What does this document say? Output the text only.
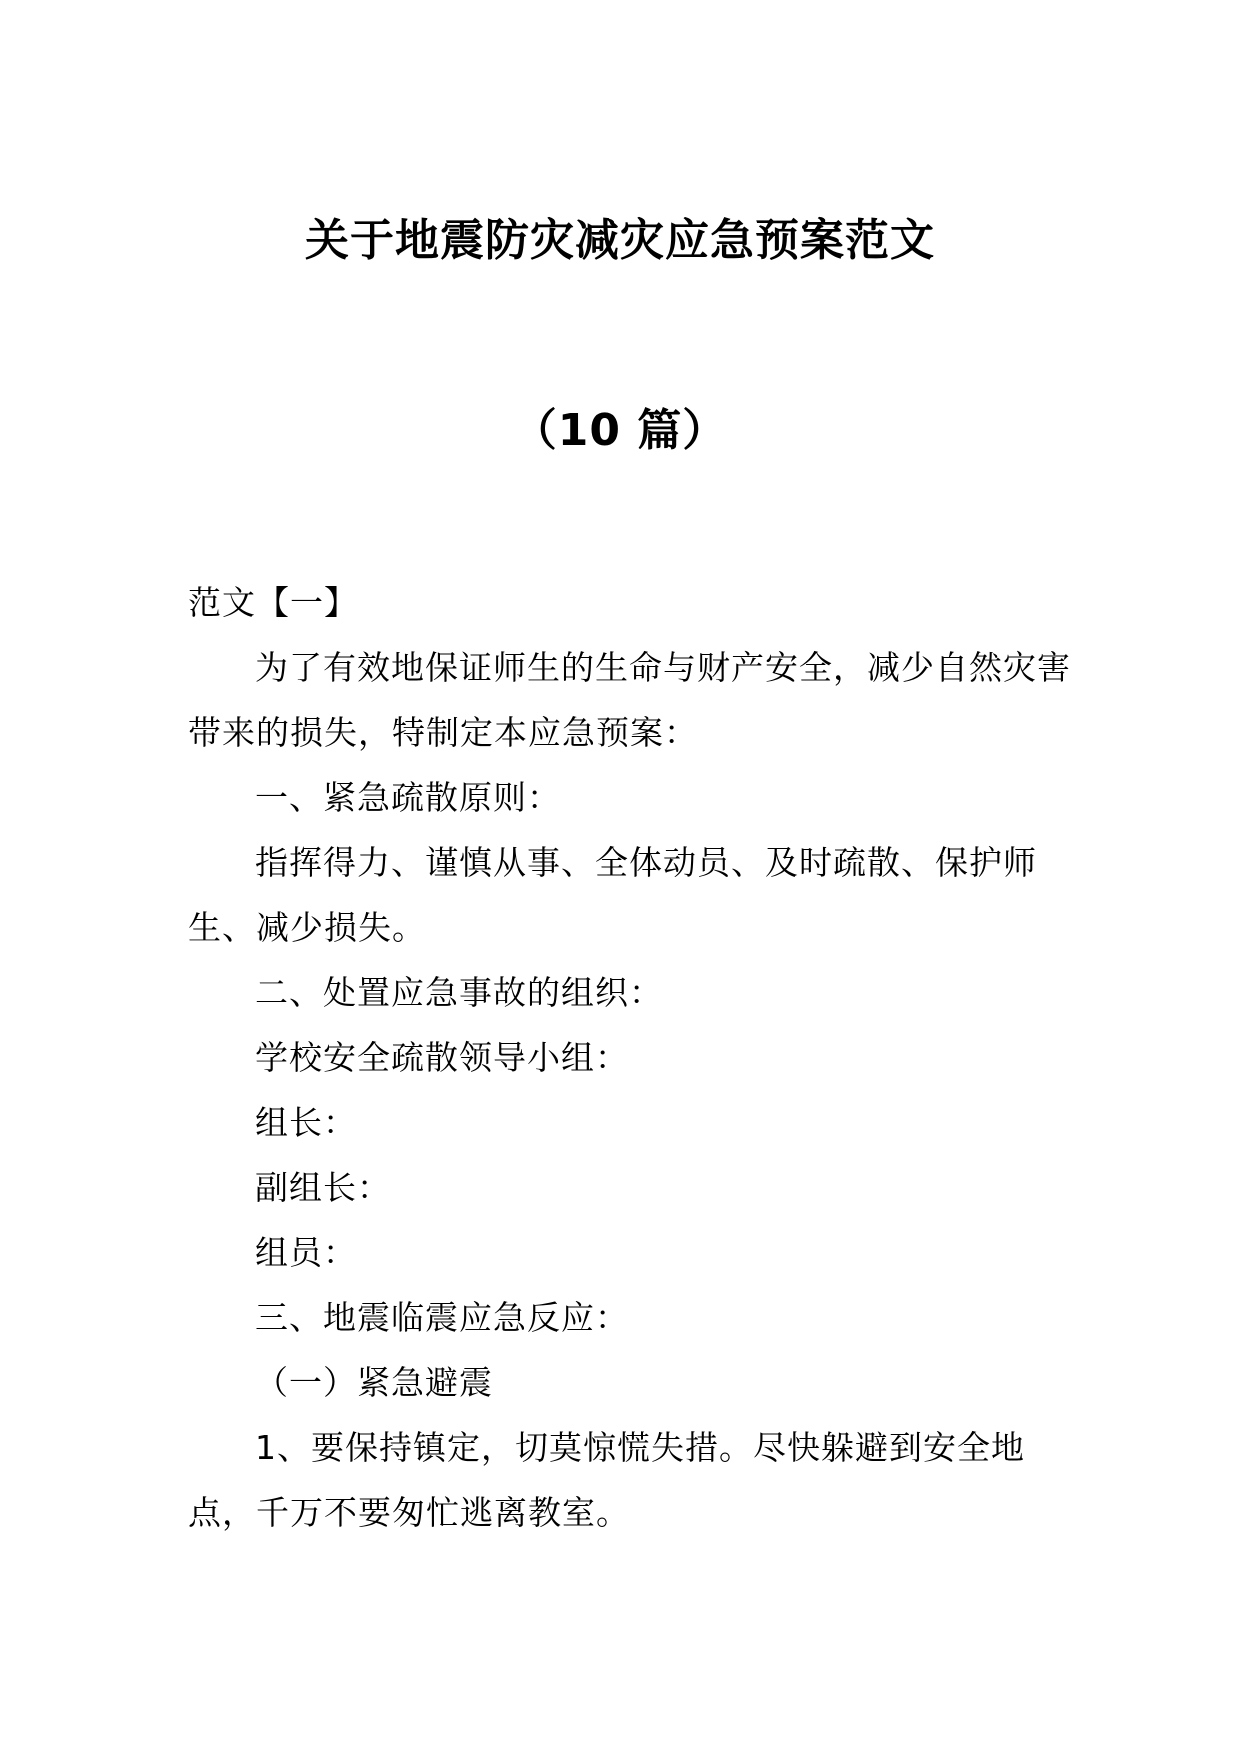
关于地震防灾减灾应急预案范文
（10 篇）

范文【一】

为了有效地保证师生的生命与财产安全，减少自然灾害带来的损失，特制定本应急预案：

一、紧急疏散原则：

指挥得力、谨慎从事、全体动员、及时疏散、保护师生、减少损失。

二、处置应急事故的组织：

学校安全疏散领导小组：

组长：

副组长：

组员：

三、地震临震应急反应：

（一）紧急避震

1、要保持镇定，切莫惊慌失措。尽快躲避到安全地点，千万不要匆忙逃离教室。
